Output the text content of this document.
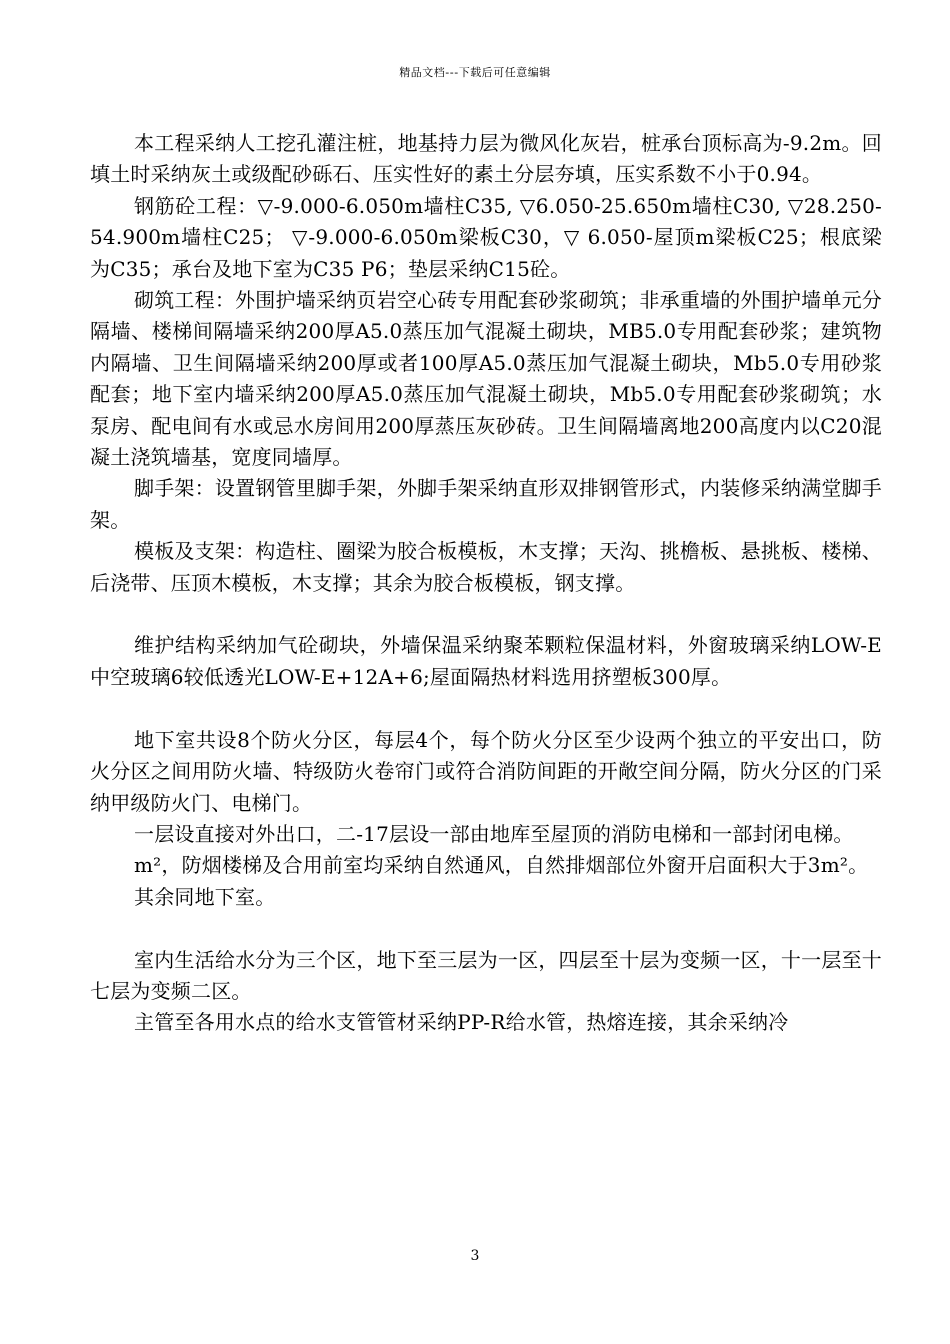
精品文档---下载后可任意编辑

本工程采纳人工挖孔灌注桩，地基持力层为微风化灰岩，桩承台顶标高为-9.2m。回填土时采纳灰土或级配砂砾石、压实性好的素土分层夯填，压实系数不小于0.94。

钢筋砼工程：▽-9.000-6.050m墙柱C35, ▽6.050-25.650m墙柱C30, ▽28.250-54.900m墙柱C25； ▽-9.000-6.050m梁板C30，▽ 6.050-屋顶m梁板C25；根底梁为C35；承台及地下室为C35 P6；垫层采纳C15砼。

砌筑工程：外围护墙采纳页岩空心砖专用配套砂浆砌筑；非承重墙的外围护墙单元分隔墙、楼梯间隔墙采纳200厚A5.0蒸压加气混凝土砌块，MB5.0专用配套砂浆；建筑物内隔墙、卫生间隔墙采纳200厚或者100厚A5.0蒸压加气混凝土砌块，Mb5.0专用砂浆配套；地下室内墙采纳200厚A5.0蒸压加气混凝土砌块，Mb5.0专用配套砂浆砌筑；水泵房、配电间有水或忌水房间用200厚蒸压灰砂砖。卫生间隔墙离地200高度内以C20混凝土浇筑墙基，宽度同墙厚。

脚手架：设置钢管里脚手架，外脚手架采纳直形双排钢管形式，内装修采纳满堂脚手架。

模板及支架：构造柱、圈梁为胶合板模板，木支撑；天沟、挑檐板、悬挑板、楼梯、后浇带、压顶木模板，木支撑；其余为胶合板模板，钢支撑。

维护结构采纳加气砼砌块，外墙保温采纳聚苯颗粒保温材料，外窗玻璃采纳LOW-E中空玻璃6较低透光LOW-E+12A+6;屋面隔热材料选用挤塑板300厚。

地下室共设8个防火分区，每层4个，每个防火分区至少设两个独立的平安出口，防火分区之间用防火墙、特级防火卷帘门或符合消防间距的开敞空间分隔，防火分区的门采纳甲级防火门、电梯门。

一层设直接对外出口，二-17层设一部由地库至屋顶的消防电梯和一部封闭电梯。

m²，防烟楼梯及合用前室均采纳自然通风，自然排烟部位外窗开启面积大于3m²。

其余同地下室。

室内生活给水分为三个区，地下至三层为一区，四层至十层为变频一区，十一层至十七层为变频二区。

主管至各用水点的给水支管管材采纳PP-R给水管，热熔连接，其余采纳冷

3
